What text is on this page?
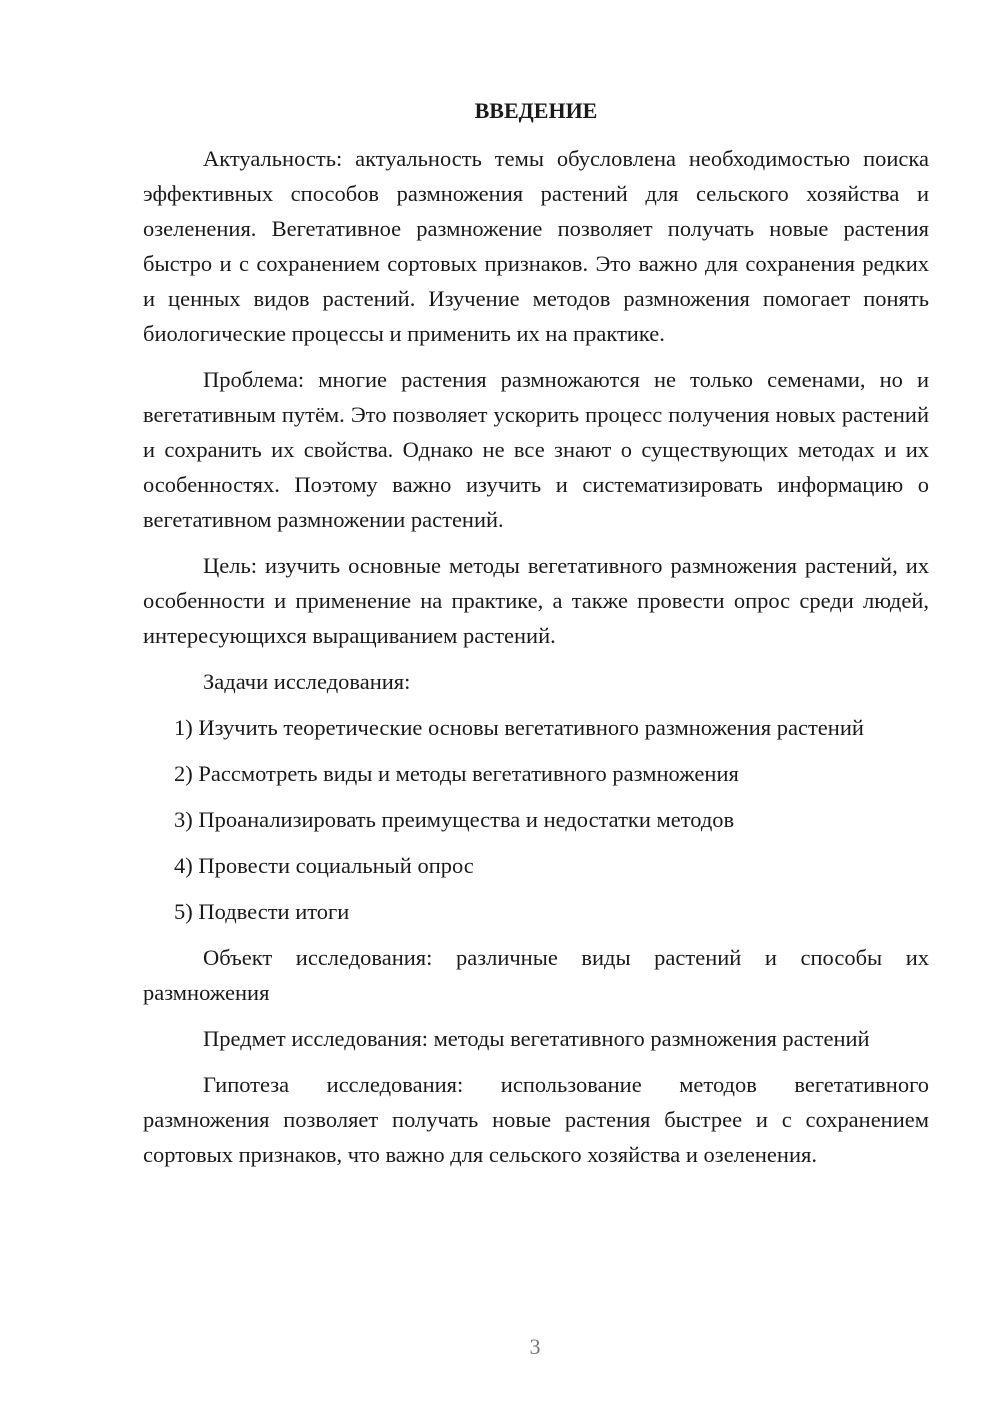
ВВЕДЕНИЕ

Актуальность: актуальность темы обусловлена необходимостью поиска эффективных способов размножения растений для сельского хозяйства и озеленения. Вегетативное размножение позволяет получать новые растения быстро и с сохранением сортовых признаков. Это важно для сохранения редких и ценных видов растений. Изучение методов размножения помогает понять биологические процессы и применить их на практике.

Проблема: многие растения размножаются не только семенами, но и вегетативным путём. Это позволяет ускорить процесс получения новых растений и сохранить их свойства. Однако не все знают о существующих методах и их особенностях. Поэтому важно изучить и систематизировать информацию о вегетативном размножении растений.

Цель: изучить основные методы вегетативного размножения растений, их особенности и применение на практике, а также провести опрос среди людей, интересующихся выращиванием растений.

Задачи исследования:

1) Изучить теоретические основы вегетативного размножения растений

2) Рассмотреть виды и методы вегетативного размножения

3) Проанализировать преимущества и недостатки методов

4) Провести социальный опрос

5) Подвести итоги

Объект исследования: различные виды растений и способы их размножения

Предмет исследования: методы вегетативного размножения растений

Гипотеза исследования: использование методов вегетативного размножения позволяет получать новые растения быстрее и с сохранением сортовых признаков, что важно для сельского хозяйства и озеленения.

3
